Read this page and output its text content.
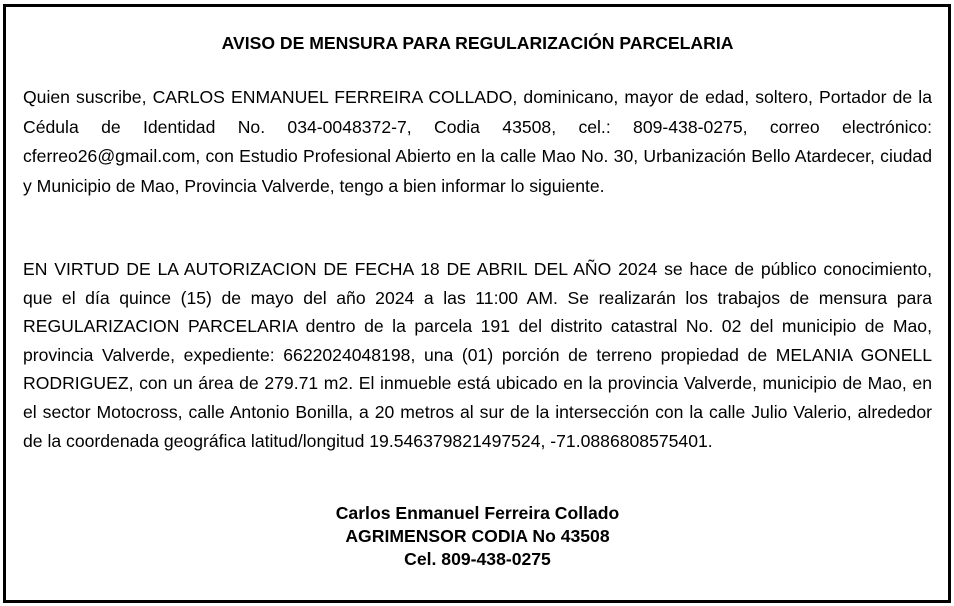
AVISO DE MENSURA PARA REGULARIZACIÓN PARCELARIA

Quien suscribe, CARLOS ENMANUEL FERREIRA COLLADO, dominicano, mayor de edad, soltero, Portador de la Cédula de Identidad No. 034-0048372-7, Codia 43508, cel.: 809-438-0275, correo electrónico: cferreo26@gmail.com, con Estudio Profesional Abierto en la calle Mao No. 30, Urbanización Bello Atardecer, ciudad y Municipio de Mao, Provincia Valverde, tengo a bien informar lo siguiente.

EN VIRTUD DE LA AUTORIZACION DE FECHA 18 DE ABRIL DEL AÑO 2024 se hace de público conocimiento, que el día quince (15) de mayo del año 2024 a las 11:00 AM. Se realizarán los trabajos de mensura para REGULARIZACION PARCELARIA dentro de la parcela 191 del distrito catastral No. 02 del municipio de Mao, provincia Valverde, expediente: 6622024048198, una (01) porción de terreno propiedad de MELANIA GONELL RODRIGUEZ, con un área de 279.71 m2. El inmueble está ubicado en la provincia Valverde, municipio de Mao, en el sector Motocross, calle Antonio Bonilla, a 20 metros al sur de la intersección con la calle Julio Valerio, alrededor de la coordenada geográfica latitud/longitud 19.546379821497524, -71.0886808575401.

Carlos Enmanuel Ferreira Collado

AGRIMENSOR CODIA No 43508

Cel. 809-438-0275
